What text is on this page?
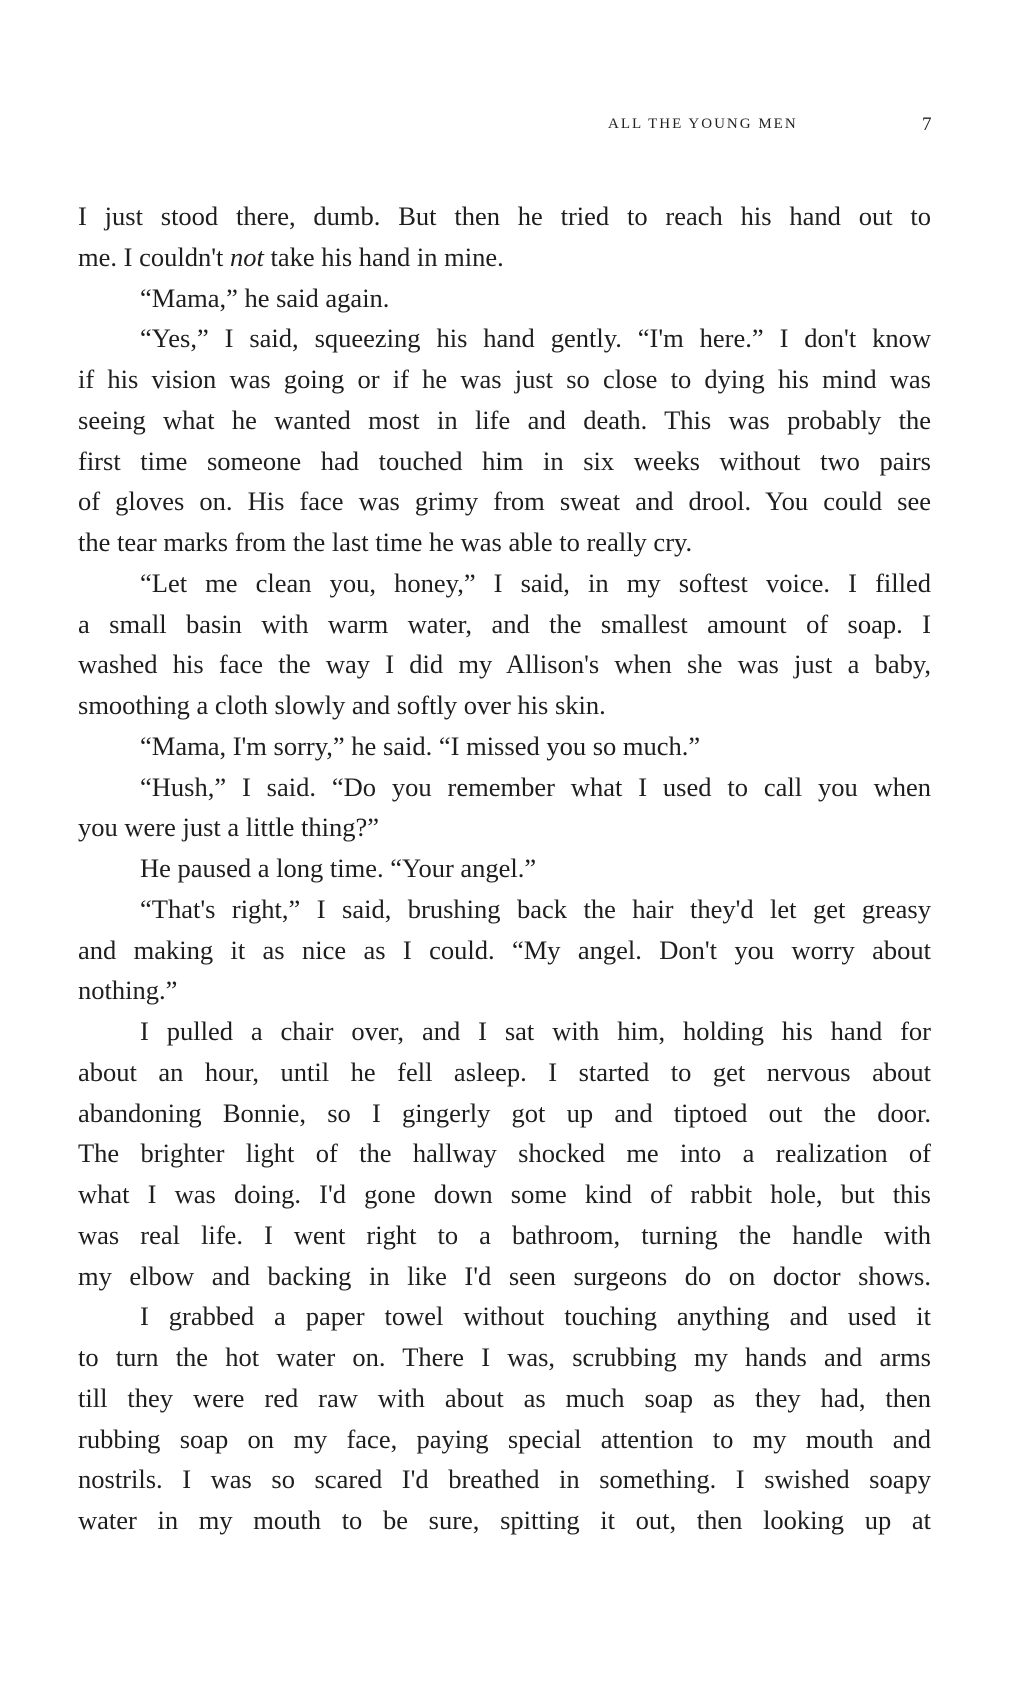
ALL THE YOUNG MEN	7
I just stood there, dumb. But then he tried to reach his hand out to
me. I couldn't not take his hand in mine.
“Mama,” he said again.
“Yes,” I said, squeezing his hand gently. “I'm here.” I don't know
if his vision was going or if he was just so close to dying his mind was
seeing what he wanted most in life and death. This was probably the
first time someone had touched him in six weeks without two pairs
of gloves on. His face was grimy from sweat and drool. You could see
the tear marks from the last time he was able to really cry.
“Let me clean you, honey,” I said, in my softest voice. I filled
a small basin with warm water, and the smallest amount of soap. I
washed his face the way I did my Allison's when she was just a baby,
smoothing a cloth slowly and softly over his skin.
“Mama, I'm sorry,” he said. “I missed you so much.”
“Hush,” I said. “Do you remember what I used to call you when
you were just a little thing?”
He paused a long time. “Your angel.”
“That's right,” I said, brushing back the hair they'd let get greasy
and making it as nice as I could. “My angel. Don't you worry about
nothing.”
I pulled a chair over, and I sat with him, holding his hand for
about an hour, until he fell asleep. I started to get nervous about
abandoning Bonnie, so I gingerly got up and tiptoed out the door.
The brighter light of the hallway shocked me into a realization of
what I was doing. I'd gone down some kind of rabbit hole, but this
was real life. I went right to a bathroom, turning the handle with
my elbow and backing in like I'd seen surgeons do on doctor shows.
I grabbed a paper towel without touching anything and used it
to turn the hot water on. There I was, scrubbing my hands and arms
till they were red raw with about as much soap as they had, then
rubbing soap on my face, paying special attention to my mouth and
nostrils. I was so scared I'd breathed in something. I swished soapy
water in my mouth to be sure, spitting it out, then looking up at
